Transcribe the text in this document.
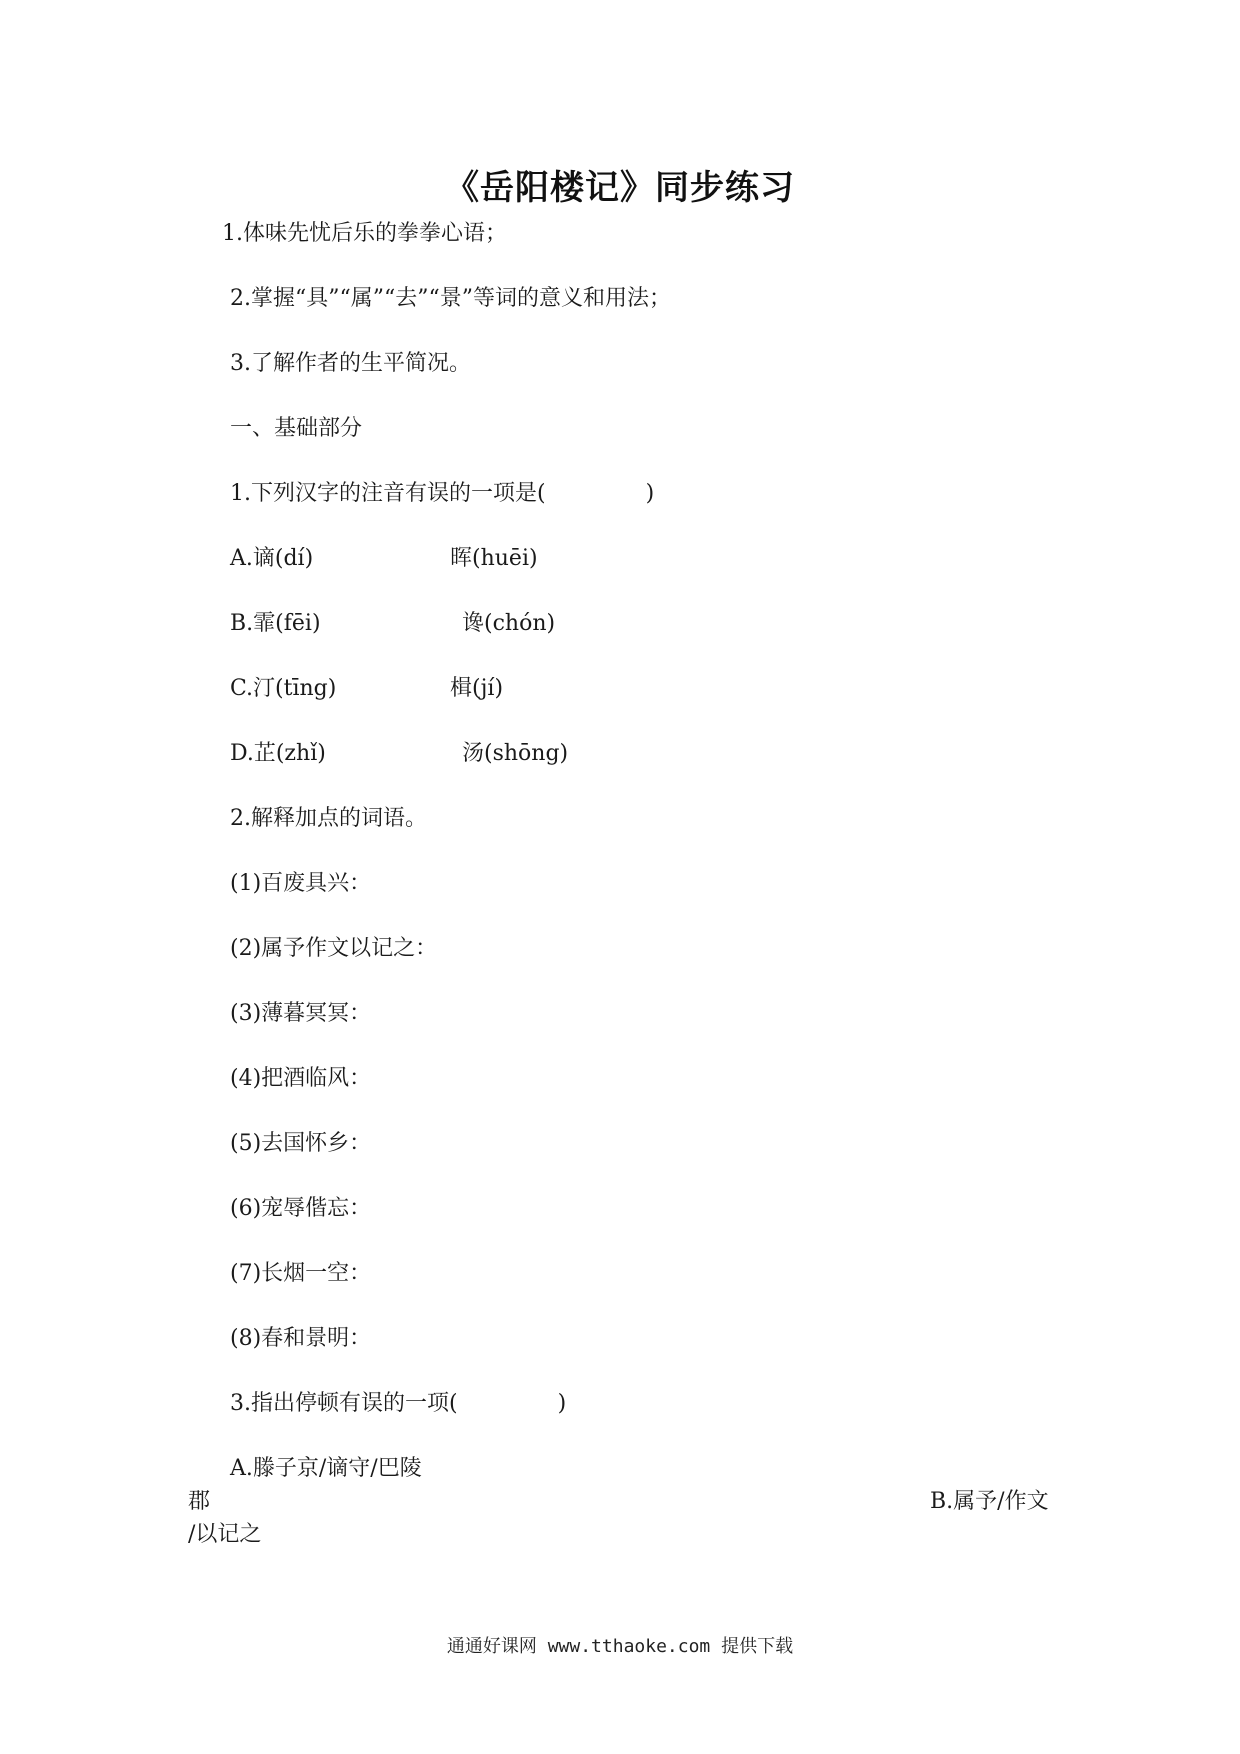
《岳阳楼记》同步练习
1.体味先忧后乐的拳拳心语；
2.掌握“具”“属”“去”“景”等词的意义和用法；
3.了解作者的生平简况。
一、基础部分
1.下列汉字的注音有误的一项是(	)
A.谪(dí)	晖(huēi)
B.霏(fēi)	谗(chón)
C.汀(tīng)	楫(jí)
D.芷(zhǐ)	汤(shōng)
2.解释加点的词语。
(1)百废具兴：
(2)属予作文以记之：
(3)薄暮冥冥：
(4)把酒临风：
(5)去国怀乡：
(6)宠辱偕忘：
(7)长烟一空：
(8)春和景明：
3.指出停顿有误的一项(	)
A.滕子京/谪守/巴陵
郡	B.属予/作文
/以记之
通通好课网 www.tthaoke.com 提供下载
